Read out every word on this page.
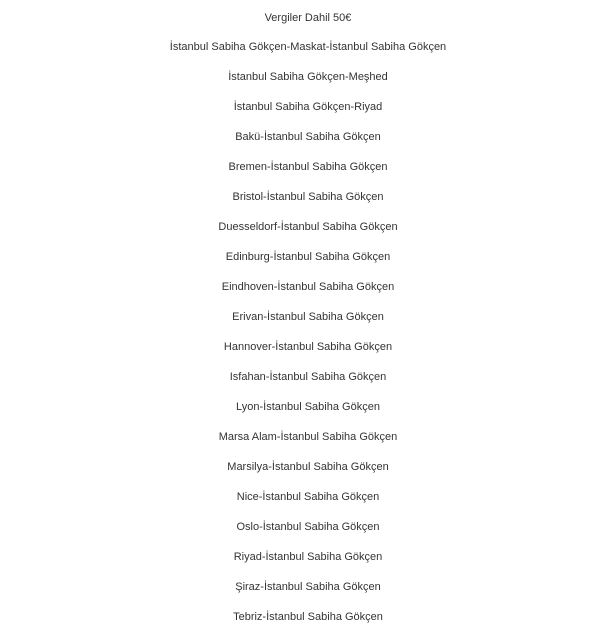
Vergiler Dahil 50€
İstanbul Sabiha Gökçen-Maskat-İstanbul Sabiha Gökçen
İstanbul Sabiha Gökçen-Meşhed
İstanbul Sabiha Gökçen-Riyad
Bakü-İstanbul Sabiha Gökçen
Bremen-İstanbul Sabiha Gökçen
Bristol-İstanbul Sabiha Gökçen
Duesseldorf-İstanbul Sabiha Gökçen
Edinburg-İstanbul Sabiha Gökçen
Eindhoven-İstanbul Sabiha Gökçen
Erivan-İstanbul Sabiha Gökçen
Hannover-İstanbul Sabiha Gökçen
Isfahan-İstanbul Sabiha Gökçen
Lyon-İstanbul Sabiha Gökçen
Marsa Alam-İstanbul Sabiha Gökçen
Marsilya-İstanbul Sabiha Gökçen
Nice-İstanbul Sabiha Gökçen
Oslo-İstanbul Sabiha Gökçen
Riyad-İstanbul Sabiha Gökçen
Şiraz-İstanbul Sabiha Gökçen
Tebriz-İstanbul Sabiha Gökçen
